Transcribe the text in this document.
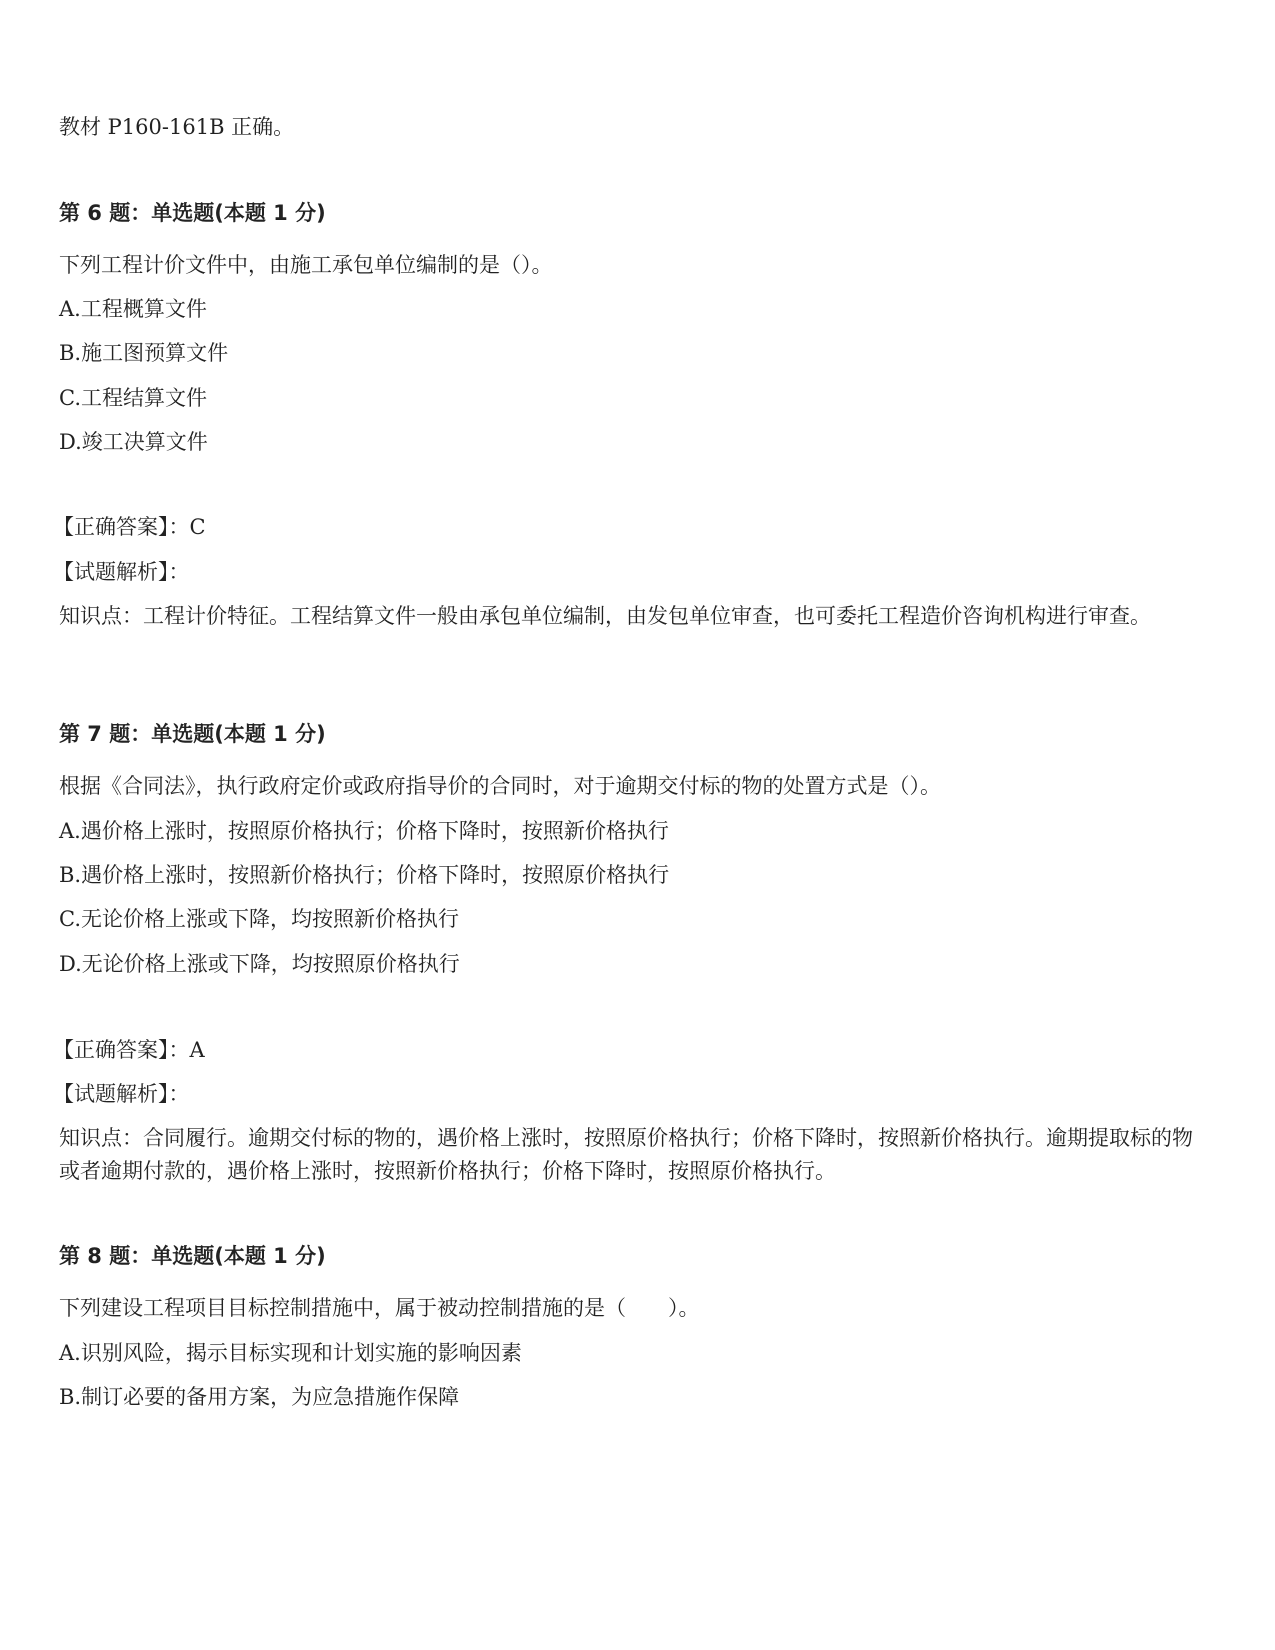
教材 P160-161B 正确。
第 6 题：单选题(本题 1 分)
下列工程计价文件中，由施工承包单位编制的是（）。
A.工程概算文件
B.施工图预算文件
C.工程结算文件
D.竣工决算文件
【正确答案】：C
【试题解析】：
知识点：工程计价特征。工程结算文件一般由承包单位编制，由发包单位审查，也可委托工程造价咨询机构进行审查。
第 7 题：单选题(本题 1 分)
根据《合同法》，执行政府定价或政府指导价的合同时，对于逾期交付标的物的处置方式是（）。
A.遇价格上涨时，按照原价格执行；价格下降时，按照新价格执行
B.遇价格上涨时，按照新价格执行；价格下降时，按照原价格执行
C.无论价格上涨或下降，均按照新价格执行
D.无论价格上涨或下降，均按照原价格执行
【正确答案】：A
【试题解析】：
知识点：合同履行。逾期交付标的物的，遇价格上涨时，按照原价格执行；价格下降时，按照新价格执行。逾期提取标的物或者逾期付款的，遇价格上涨时，按照新价格执行；价格下降时，按照原价格执行。
第 8 题：单选题(本题 1 分)
下列建设工程项目目标控制措施中，属于被动控制措施的是（　　）。
A.识别风险，揭示目标实现和计划实施的影响因素
B.制订必要的备用方案，为应急措施作保障
